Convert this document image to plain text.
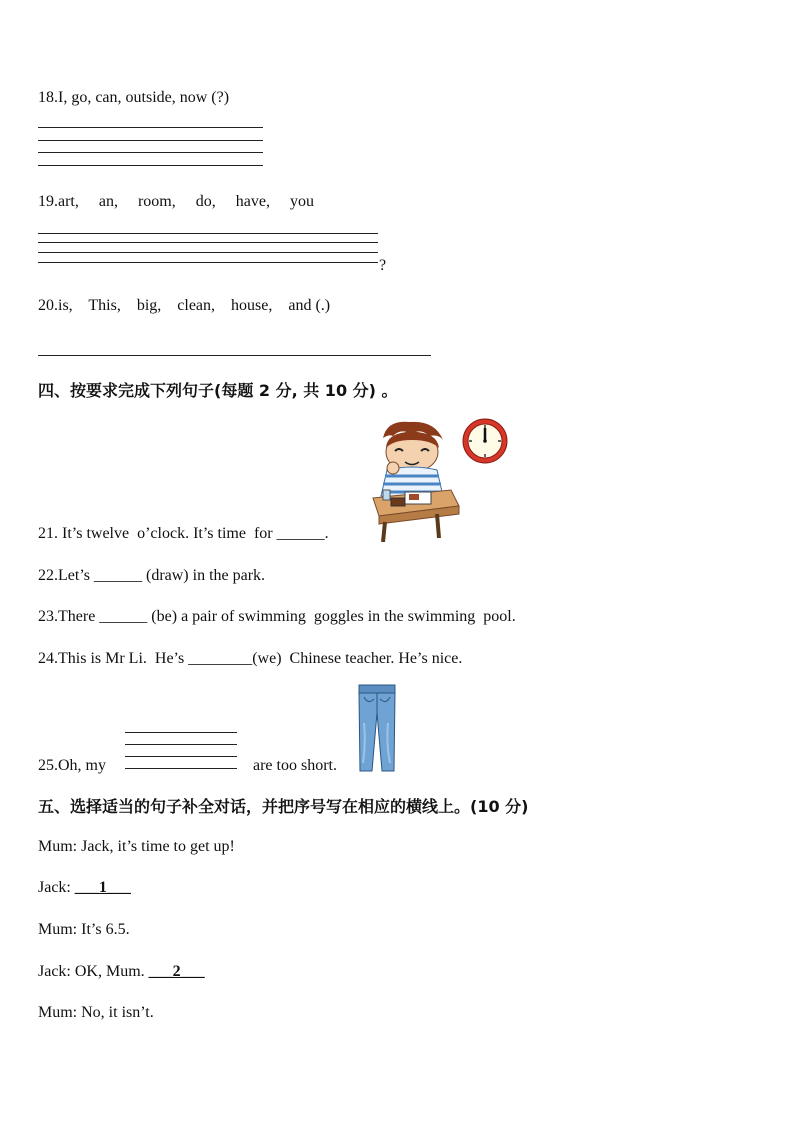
18.I, go, can, outside, now (?)
19.art,     an,     room,     do,     have,     you
?
20.is,    This,    big,    clean,    house,    and (.)
四、按要求完成下列句子(每题 2 分, 共 10 分) 。
21. It’s twelve  o’clock. It’s time  for ______.
22.Let’s ______ (draw) in the park.
23.There ______ (be) a pair of swimming  goggles in the swimming  pool.
24.This is Mr Li.  He’s ________(we)  Chinese teacher. He’s nice.
25.Oh, my	are too short.
五、选择适当的句子补全对话，并把序号写在相应的横线上。(10 分)
Mum: Jack, it’s time to get up!
Jack: ___1___
Mum: It’s 6.5.
Jack: OK, Mum. ___2___
Mum: No, it isn’t.
